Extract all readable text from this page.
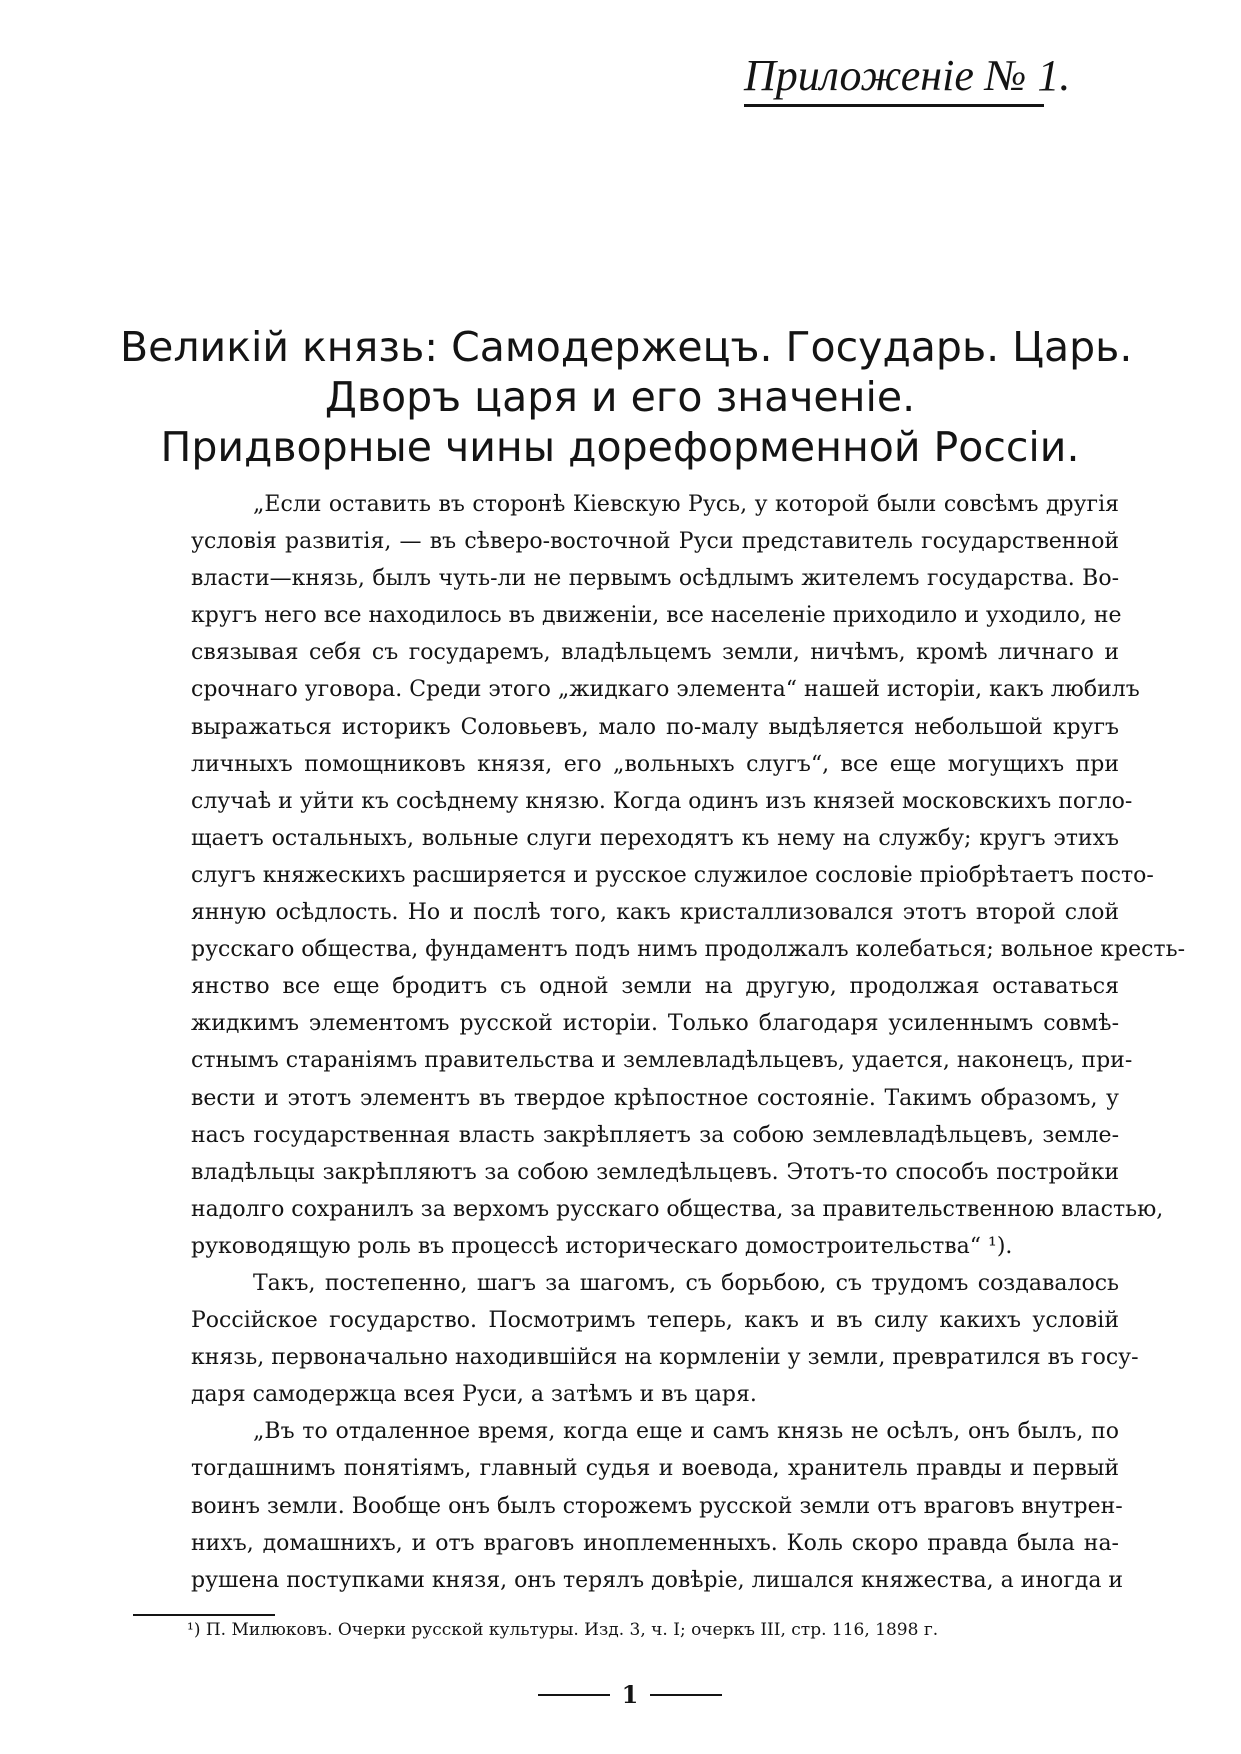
Приложенie № 1.
Великiй князь: Самодержецъ. Государь. Царь.
Дворъ царя и его значенie.
Придворные чины дореформенной Россiи.
„Если оставить въ сторонѣ Кiевскую Русь, у которой были совсѣмъ другiя
условiя развитiя, — въ сѣверо-восточной Руси представитель государственной
власти—князь, былъ чуть-ли не первымъ осѣдлымъ жителемъ государства. Во-
кругъ него все находилось въ движенiи, все населенie приходило и уходило, не
связывая себя съ государемъ, владѣльцемъ земли, ничѣмъ, кромѣ личнаго и
срочнаго уговора. Среди этого „жидкаго элемента“ нашей исторiи, какъ любилъ
выражаться историкъ Соловьевъ, мало по-малу выдѣляется небольшой кругъ
личныхъ помощниковъ князя, его „вольныхъ слугъ“, все еще могущихъ при
случаѣ и уйти къ сосѣднему князю. Когда одинъ изъ князей московскихъ погло-
щаетъ остальныхъ, вольные слуги переходятъ къ нему на службу; кругъ этихъ
слугъ княжескихъ расширяется и русское служилое сословie прiобрѣтаетъ посто-
янную осѣдлость. Но и послѣ того, какъ кристаллизовался этотъ второй слой
русскаго общества, фундаментъ подъ нимъ продолжалъ колебаться; вольное кресть-
янство все еще бродитъ съ одной земли на другую, продолжая оставаться
жидкимъ элементомъ русской исторiи. Только благодаря усиленнымъ совмѣ-
стнымъ старанiямъ правительства и землевладѣльцевъ, удается, наконецъ, при-
вести и этотъ элементъ въ твердое крѣпостное состоянie. Такимъ образомъ, у
насъ государственная власть закрѣпляетъ за собою землевладѣльцевъ, земле-
владѣльцы закрѣпляютъ за собою земледѣльцевъ. Этотъ-то способъ постройки
надолго сохранилъ за верхомъ русскаго общества, за правительственною властью,
руководящую роль въ процессѣ историческаго домостроительства“ ¹).
Такъ, постепенно, шагъ за шагомъ, съ борьбою, съ трудомъ создавалось
Россiйское государство. Посмотримъ теперь, какъ и въ силу какихъ условiй
князь, первоначально находившiйся на кормленiи у земли, превратился въ госу-
даря самодержца всея Руси, а затѣмъ и въ царя.
„Въ то отдаленное время, когда еще и самъ князь не осѣлъ, онъ былъ, по
тогдашнимъ понятiямъ, главный судья и воевода, хранитель правды и первый
воинъ земли. Вообще онъ былъ сторожемъ русской земли отъ враговъ внутрен-
нихъ, домашнихъ, и отъ враговъ иноплеменныхъ. Коль скоро правда была на-
рушена поступками князя, онъ терялъ довѣрie, лишался княжества, а иногда и
¹) П. Милюковъ. Очерки русской культуры. Изд. 3, ч. I; очеркъ III, стр. 116, 1898 г.
1
